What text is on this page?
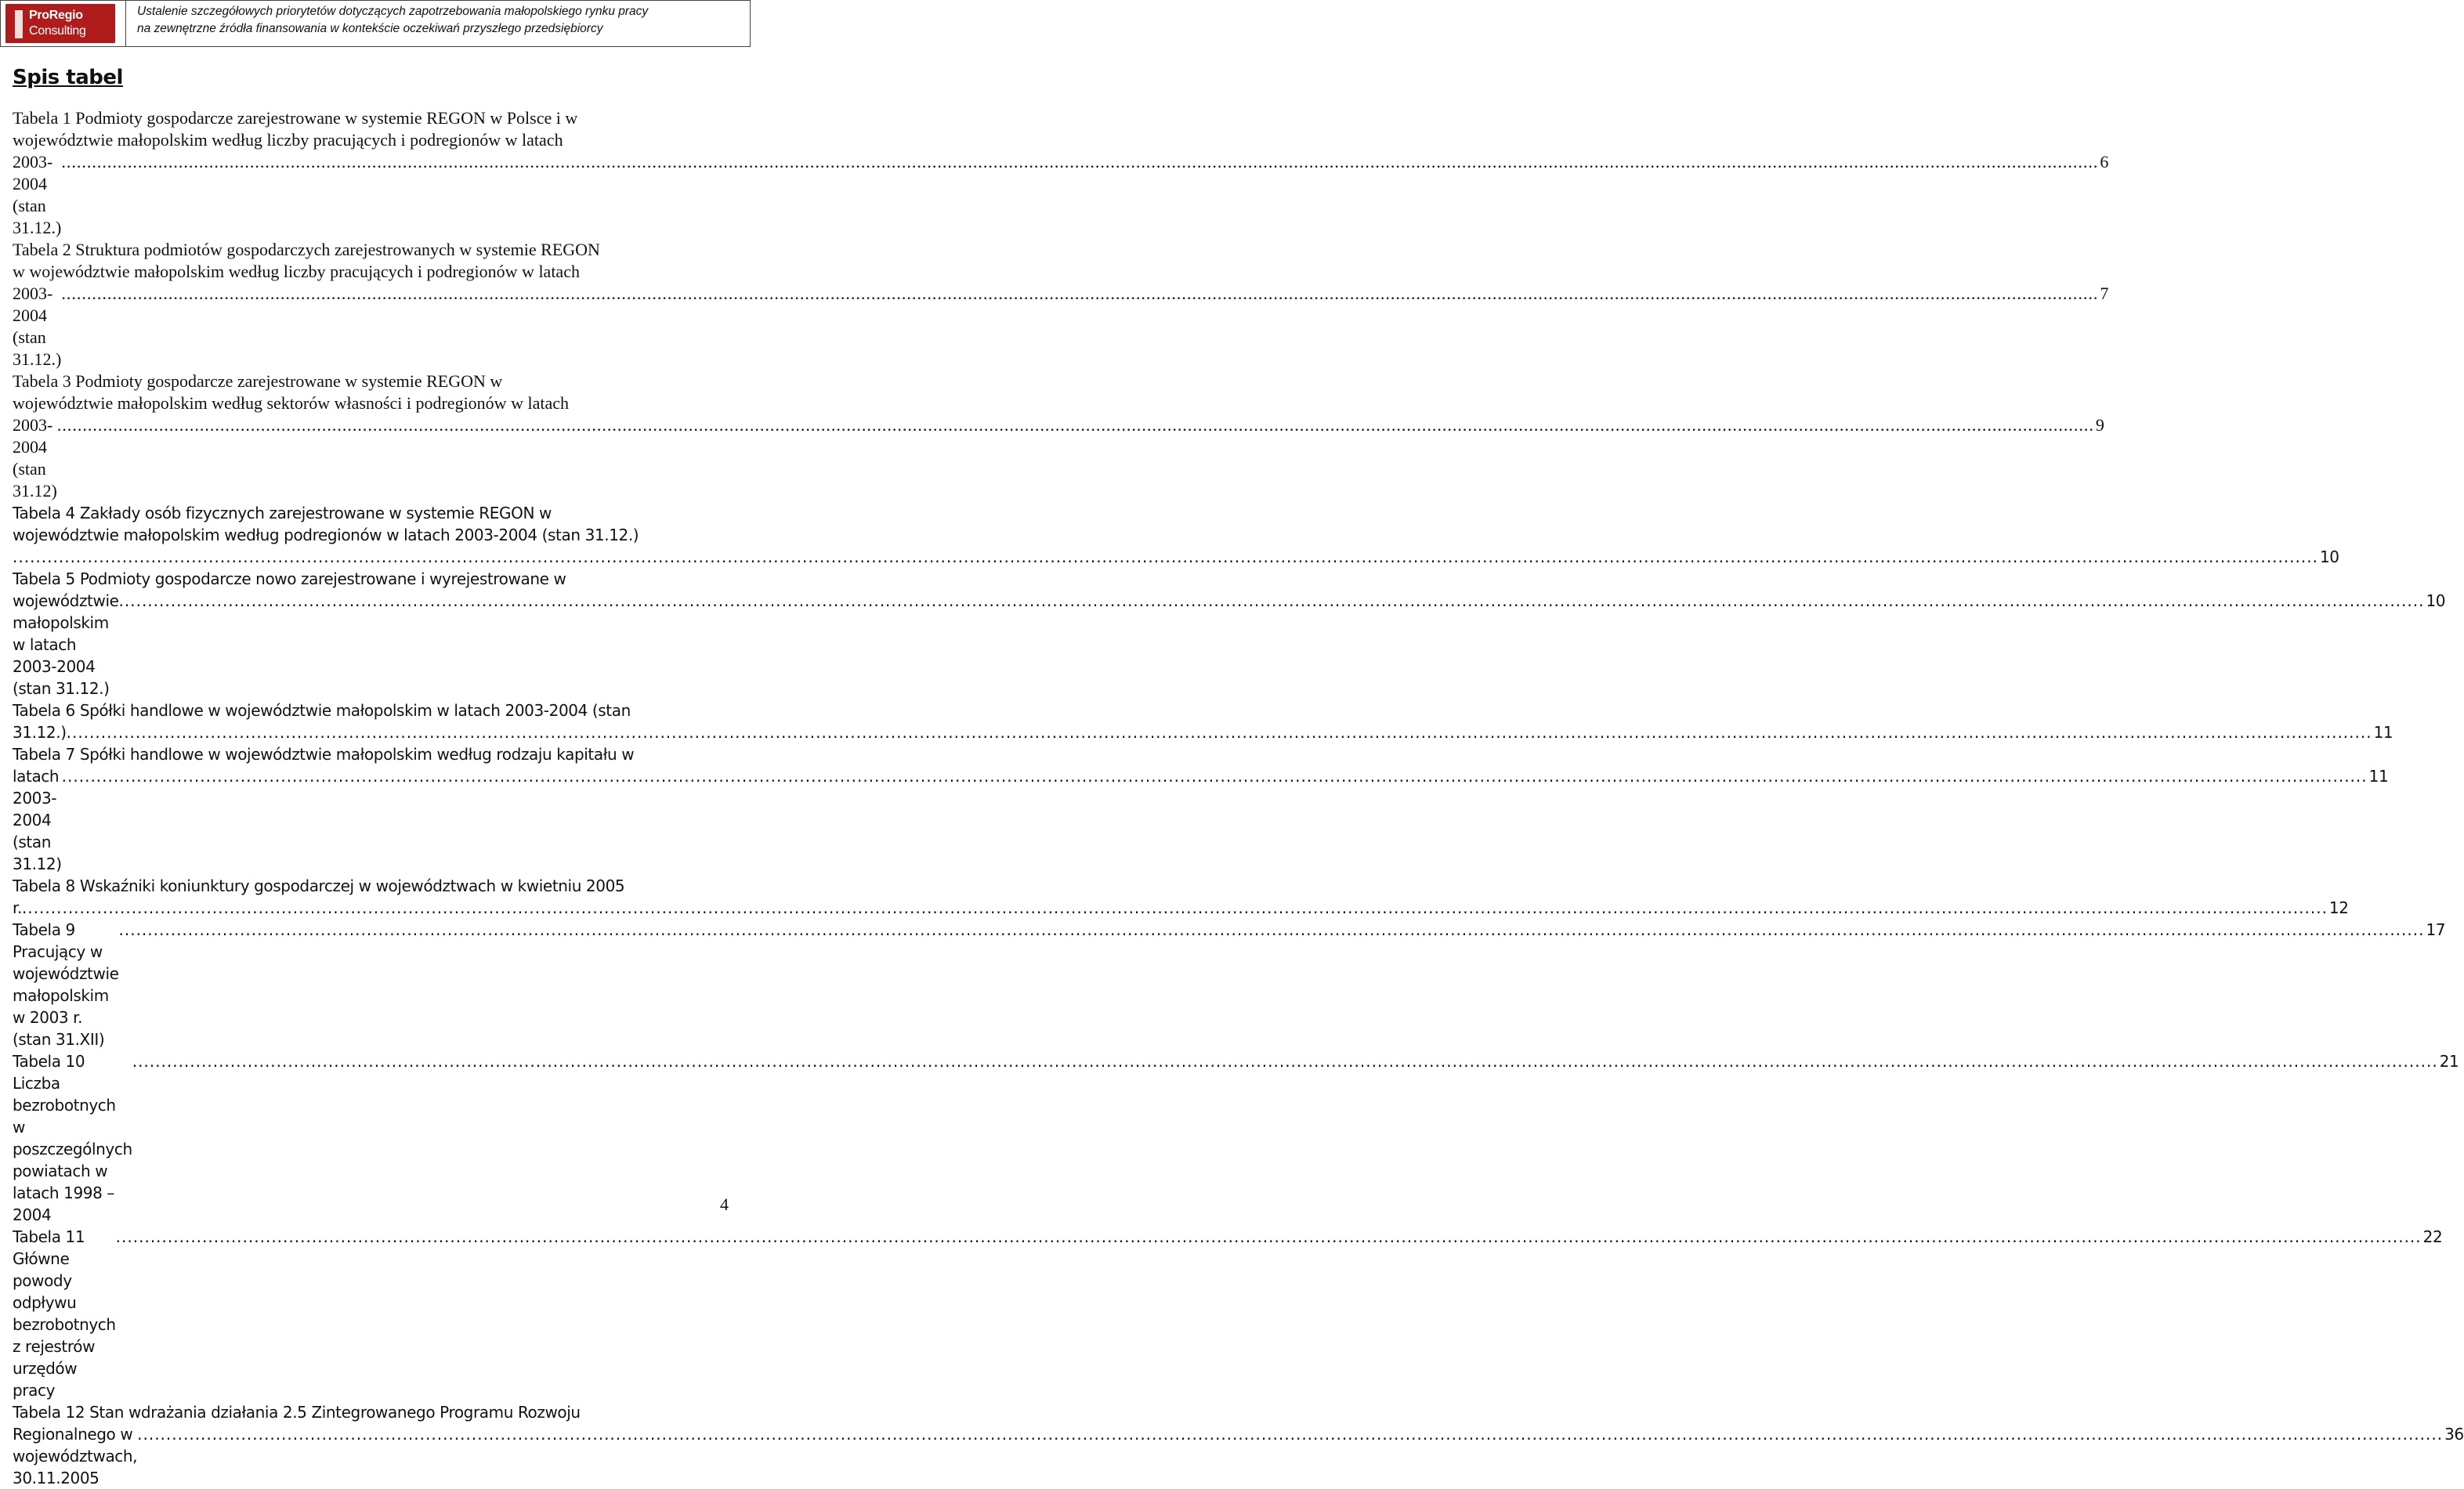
ProRegio
Consulting
Ustalenie szczegółowych priorytetów dotyczących zapotrzebowania małopolskiego rynku pracy
na zewnętrzne źródła finansowania w kontekście oczekiwań przyszłego przedsiębiorcy
Spis tabel
Tabela 1 Podmioty gospodarcze zarejestrowane w systemie REGON w Polsce i w
województwie małopolskim według liczby pracujących i podregionów w latach
2003-2004 (stan 31.12.)
................................................................................................................................................................................................................................................................................................................................................................................................................ 6
Tabela 2 Struktura podmiotów gospodarczych zarejestrowanych w systemie REGON
w województwie małopolskim według liczby pracujących i podregionów w latach
2003-2004 (stan 31.12.)
................................................................................................................................................................................................................................................................................................................................................................................................................ 7
Tabela 3 Podmioty gospodarcze zarejestrowane w systemie REGON w
województwie małopolskim według sektorów własności i podregionów w latach
2003-2004 (stan 31.12)
................................................................................................................................................................................................................................................................................................................................................................................................................ 9
Tabela 4 Zakłady osób fizycznych zarejestrowane w systemie REGON w
województwie małopolskim według podregionów w latach 2003-2004 (stan 31.12.)
................................................................................................................................................................................................................................................................................................................................................................................................................ 10
Tabela 5 Podmioty gospodarcze nowo zarejestrowane i wyrejestrowane w
województwie małopolskim w latach 2003-2004 (stan 31.12.)
................................................................................................................................................................................................................................................................................................................................................................................................................ 10
Tabela 6 Spółki handlowe w województwie małopolskim w latach 2003-2004 (stan
31.12.) ................................................................................................................................................................................................................................................................................................................................................................................................................ 11
Tabela 7 Spółki handlowe w województwie małopolskim według rodzaju kapitału w
latach 2003-2004 (stan 31.12)
................................................................................................................................................................................................................................................................................................................................................................................................................ 11
Tabela 8 Wskaźniki koniunktury gospodarczej w województwach w kwietniu 2005
r. ................................................................................................................................................................................................................................................................................................................................................................................................................ 12
Tabela 9 Pracujący w województwie małopolskim w 2003 r. (stan 31.XII)
................................................................................................................................................................................................................................................................................................................................................................................................................ 17
Tabela 10 Liczba bezrobotnych w poszczególnych powiatach w latach 1998 – 2004
................................................................................................................................................................................................................................................................................................................................................................................................................ 21
Tabela 11 Główne powody odpływu bezrobotnych z rejestrów urzędów pracy
................................................................................................................................................................................................................................................................................................................................................................................................................ 22
Tabela 12 Stan wdrażania działania 2.5 Zintegrowanego Programu Rozwoju
Regionalnego w województwach, 30.11.2005
................................................................................................................................................................................................................................................................................................................................................................................................................ 36
4
